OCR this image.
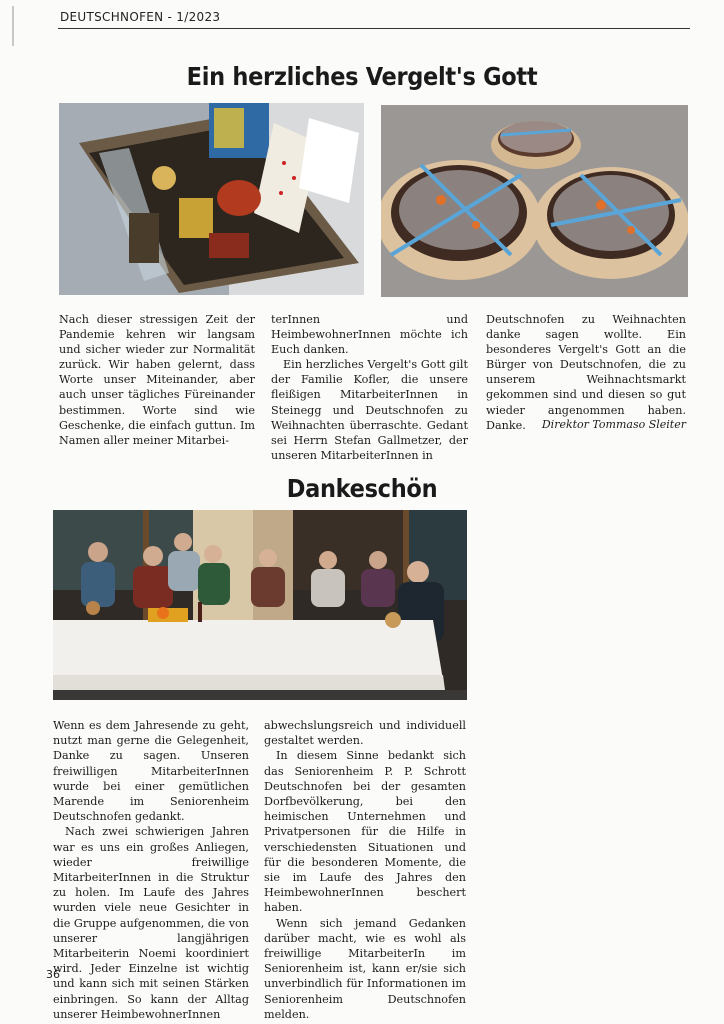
DEUTSCHNOFEN - 1/2023
Ein herzliches Vergelt's Gott

Nach dieser stressigen Zeit der Pandemie kehren wir langsam und sicher wieder zur Normalität zurück. Wir haben gelernt, dass Worte unser Miteinander, aber auch unser tägliches Füreinander bestimmen. Worte sind wie Geschenke, die einfach guttun. Im Namen aller meiner Mitarbei-

terInnen und HeimbewohnerInnen möchte ich Euch danken.

Ein herzliches Vergelt's Gott gilt der Familie Kofler, die unsere fleißigen MitarbeiterInnen in Steinegg und Deutschnofen zu Weihnachten überraschte. Gedant sei Herrn Stefan Gallmetzer, der unseren MitarbeiterInnen in

Deutschnofen zu Weihnachten danke sagen wollte. Ein besonderes Vergelt's Gott an die Bürger von Deutschnofen, die zu unserem Weihnachtsmarkt gekommen sind und diesen so gut wieder angenommen haben. Danke.	Direktor Tommaso Sleiter
Dankeschön

Wenn es dem Jahresende zu geht, nutzt man gerne die Gelegenheit, Danke zu sagen. Unseren freiwilligen MitarbeiterInnen wurde bei einer gemütlichen Marende im Seniorenheim Deutschnofen gedankt.

Nach zwei schwierigen Jahren war es uns ein großes Anliegen, wieder freiwillige MitarbeiterInnen in die Struktur zu holen. Im Laufe des Jahres wurden viele neue Gesichter in die Gruppe aufgenommen, die von unserer langjährigen Mitarbeiterin Noemi koordiniert wird. Jeder Einzelne ist wichtig und kann sich mit seinen Stärken einbringen. So kann der Alltag unserer HeimbewohnerInnen

abwechslungsreich und individuell gestaltet werden.

In diesem Sinne bedankt sich das Seniorenheim P. P. Schrott Deutschnofen bei der gesamten Dorfbevölkerung, bei den heimischen Unternehmen und Privatpersonen für die Hilfe in verschiedensten Situationen und für die besonderen Momente, die sie im Laufe des Jahres den HeimbewohnerInnen beschert haben.

Wenn sich jemand Gedanken darüber macht, wie es wohl als freiwillige MitarbeiterIn im Seniorenheim ist, kann er/sie sich unverbindlich für Informationen im Seniorenheim Deutschnofen melden.

36
